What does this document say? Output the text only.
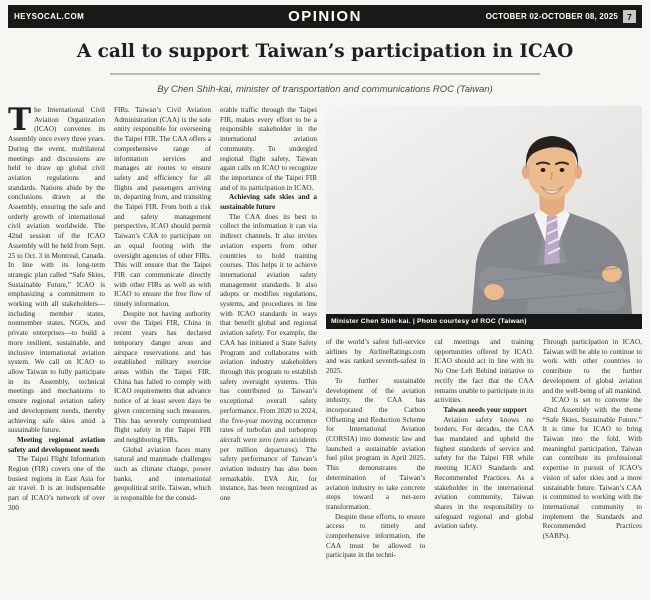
HEYSOCAL.COM	OPINION	OCTOBER 02-OCTOBER 08, 2025	7
A call to support Taiwan’s participation in ICAO
By Chen Shih-kai, minister of transportation and communications ROC (Taiwan)

The International Civil Aviation Organization (ICAO) convenes its Assembly once every three years. During the event, multilateral meetings and discussions are held to draw up global civil aviation regulations and standards. Nations abide by the conclusions drawn at the Assembly, ensuring the safe and orderly growth of international civil aviation worldwide. The 42nd session of the ICAO Assembly will be held from Sept. 25 to Oct. 3 in Montreal, Canada. In line with its long-term strategic plan called “Safe Skies, Sustainable Future,” ICAO is emphasizing a commitment to working with all stakeholders—including member states, nonmember states, NGOs, and private enterprises—to build a more resilient, sustainable, and inclusive international aviation system. We call on ICAO to allow Taiwan to fully participate in its Assembly, technical meetings and mechanisms to ensure regional aviation safety and development needs, thereby achieving safe skies amid a sustainable future.

Meeting regional aviation safety and development needs

The Taipei Flight Information Region (FIR) covers one of the busiest regions in East Asia for air travel. It is an indispensable part of ICAO’s network of over 300

FIRs. Taiwan’s Civil Aviation Administration (CAA) is the sole entity responsible for overseeing the Taipei FIR. The CAA offers a comprehensive range of information services and manages air routes to ensure safety and efficiency for all flights and passengers arriving in, departing from, and transiting the Taipei FIR. From both a risk and safety management perspective, ICAO should permit Taiwan’s CAA to participate on an equal footing with the oversight agencies of other FIRs. This will ensure that the Taipei FIR can communicate directly with other FIRs as well as with ICAO to ensure the free flow of timely information.

Despite not having authority over the Taipei FIR, China in recent years has declared temporary danger areas and airspace reservations and has established military exercise areas within the Taipei FIR. China has failed to comply with ICAO requirements that advance notice of at least seven days be given concerning such measures. This has severely compromised flight safety in the Taipei FIR and neighboring FIRs.

Global aviation faces many natural and manmade challenges such as climate change, power banks, and international geopolitical strife. Taiwan, which is responsible for the consid-

erable traffic through the Taipei FIR, makes every effort to be a responsible stakeholder in the international aviation community. To undergird regional flight safety, Taiwan again calls on ICAO to recognize the importance of the Taipei FIR and of its participation in ICAO.

Achieving safe skies and a sustainable future

The CAA does its best to collect the information it can via indirect channels. It also invites aviation experts from other countries to hold training courses. This helps it to achieve international aviation safety management standards. It also adopts or modifies regulations, systems, and procedures in line with ICAO standards in ways that benefit global and regional aviation safety. For example, the CAA has initiated a State Safety Program and collaborates with aviation industry stakeholders through this program to establish safety oversight systems. This has contributed to Taiwan’s exceptional overall safety performance. From 2020 to 2024, the five-year moving occurrence rates of turbofan and turboprop aircraft were zero (zero accidents per million departures). The safety performance of Taiwan’s aviation industry has also been remarkable. EVA Air, for instance, has been recognized as one

Minister Chen Shih-kai. | Photo courtesy of ROC (Taiwan)

of the world’s safest full-service airlines by AirlineRatings.com and was ranked seventh-safest in 2025.

To further sustainable development of the aviation industry, the CAA has incorporated the Carbon Offsetting and Reduction Scheme for International Aviation (CORSIA) into domestic law and launched a sustainable aviation fuel pilot program in April 2025. This demonstrates the determination of Taiwan’s aviation industry to take concrete steps toward a net-zero transformation.

Despite these efforts, to ensure access to timely and comprehensive information, the CAA must be allowed to participate in the techni-

cal meetings and training opportunities offered by ICAO. ICAO should act in line with its No One Left Behind initiative to rectify the fact that the CAA remains unable to participate in its activities.

Taiwan needs your support

Aviation safety knows no borders. For decades, the CAA has mandated and upheld the highest standards of service and safety for the Taipei FIR while meeting ICAO Standards and Recommended Practices. As a stakeholder in the international aviation community, Taiwan shares in the responsibility to safeguard regional and global aviation safety.

Through participation in ICAO, Taiwan will be able to continue to work with other countries to contribute to the further development of global aviation and the well-being of all mankind.

ICAO is set to convene the 42nd Assembly with the theme “Safe Skies, Sustainable Future.” It is time for ICAO to bring Taiwan into the fold. With meaningful participation, Taiwan can contribute its professional expertise in pursuit of ICAO’s vision of safer skies and a more sustainable future. Taiwan’s CAA is committed to working with the international community to implement the Standards and Recommended Practices (SARPs).
